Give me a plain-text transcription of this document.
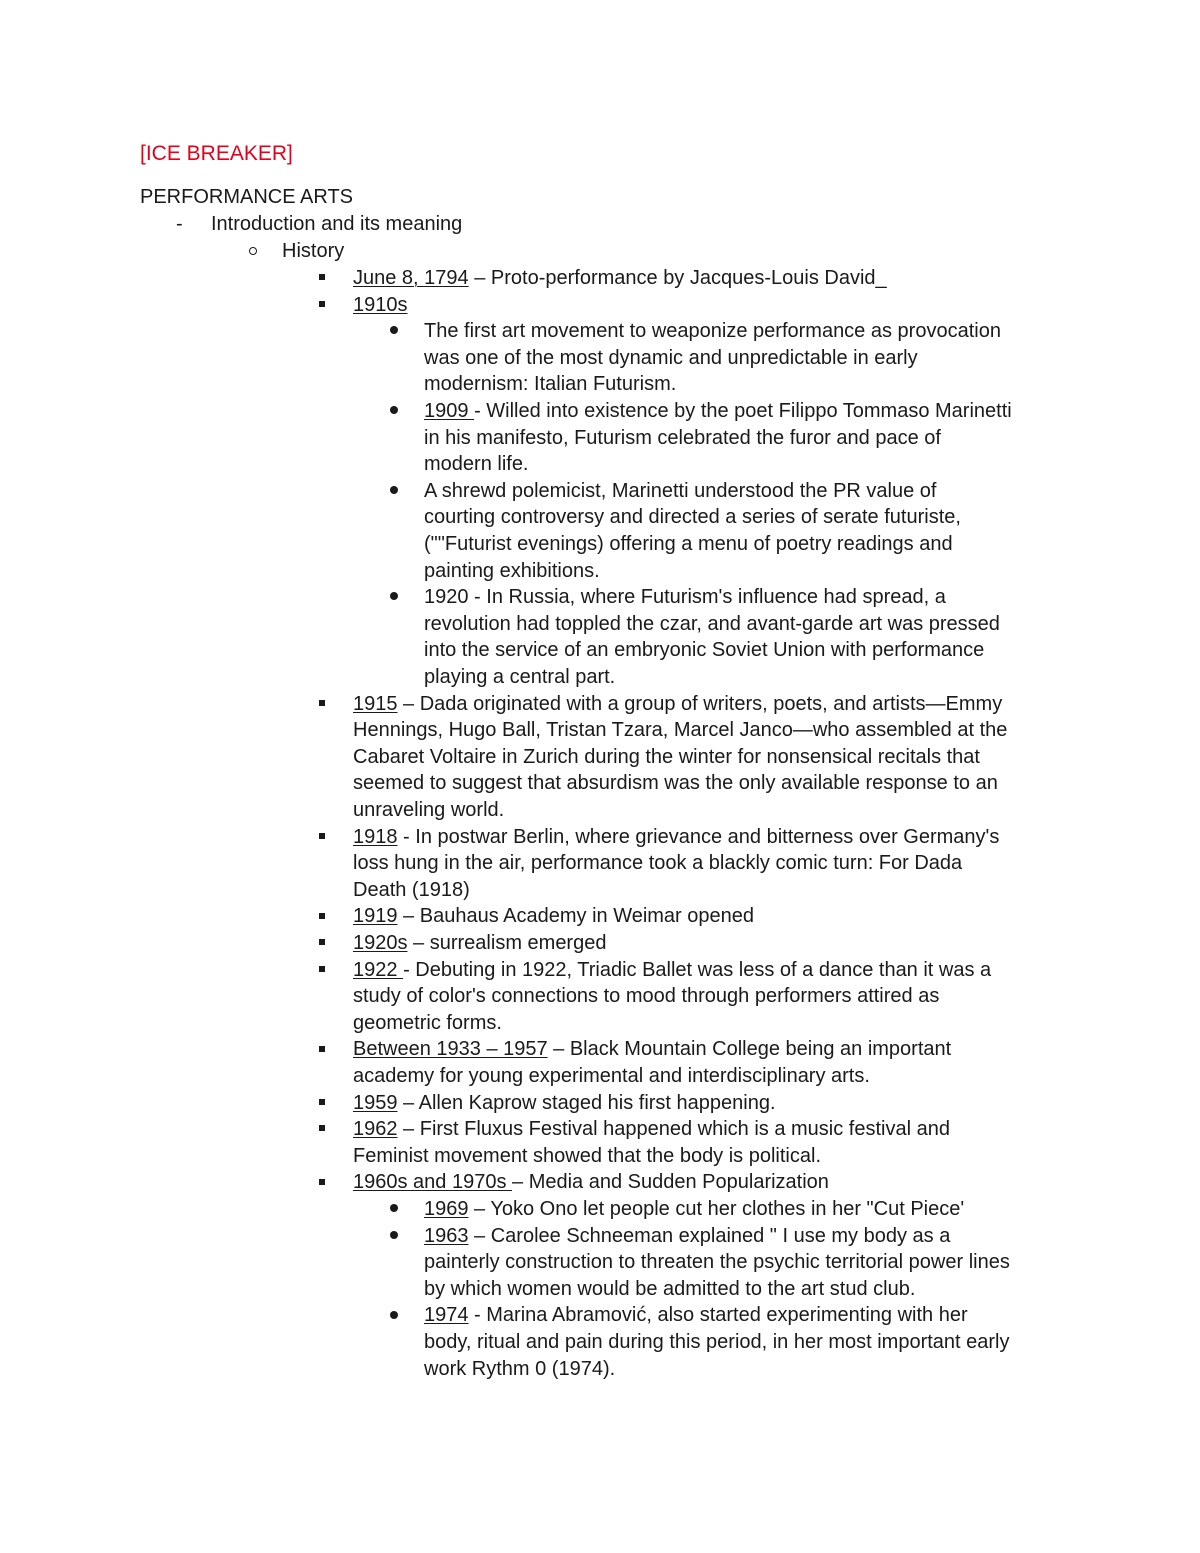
[ICE BREAKER]
PERFORMANCE ARTS
- Introduction and its meaning
History
June 8, 1794 – Proto-performance by Jacques-Louis David_
1910s
The first art movement to weaponize performance as provocation
was one of the most dynamic and unpredictable in early
modernism: Italian Futurism.
1909 - Willed into existence by the poet Filippo Tommaso Marinetti
in his manifesto, Futurism celebrated the furor and pace of
modern life.
A shrewd polemicist, Marinetti understood the PR value of
courting controversy and directed a series of serate futuriste,
(""Futurist evenings) offering a menu of poetry readings and
painting exhibitions.
1920 - In Russia, where Futurism's influence had spread, a
revolution had toppled the czar, and avant-garde art was pressed
into the service of an embryonic Soviet Union with performance
playing a central part.
1915 – Dada originated with a group of writers, poets, and artists—Emmy
Hennings, Hugo Ball, Tristan Tzara, Marcel Janco—who assembled at the
Cabaret Voltaire in Zurich during the winter for nonsensical recitals that
seemed to suggest that absurdism was the only available response to an
unraveling world.
1918 - In postwar Berlin, where grievance and bitterness over Germany's
loss hung in the air, performance took a blackly comic turn: For Dada
Death (1918)
1919 – Bauhaus Academy in Weimar opened
1920s – surrealism emerged
1922 - Debuting in 1922, Triadic Ballet was less of a dance than it was a
study of color's connections to mood through performers attired as
geometric forms.
Between 1933 – 1957 – Black Mountain College being an important
academy for young experimental and interdisciplinary arts.
1959 – Allen Kaprow staged his first happening.
1962 – First Fluxus Festival happened which is a music festival and
Feminist movement showed that the body is political.
1960s and 1970s – Media and Sudden Popularization
1969 – Yoko Ono let people cut her clothes in her "Cut Piece'
1963 – Carolee Schneeman explained " I use my body as a
painterly construction to threaten the psychic territorial power lines
by which women would be admitted to the art stud club.
1974 - Marina Abramović, also started experimenting with her
body, ritual and pain during this period, in her most important early
work Rythm 0 (1974).
